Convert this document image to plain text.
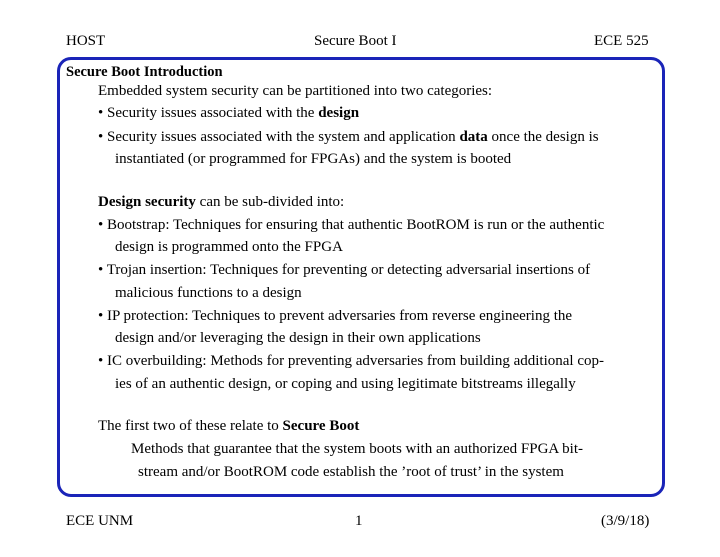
HOST	Secure Boot I	ECE 525
Secure Boot Introduction
Embedded system security can be partitioned into two categories:
• Security issues associated with the design
• Security issues associated with the system and application data once the design is
instantiated (or programmed for FPGAs) and the system is booted
Design security can be sub-divided into:
• Bootstrap: Techniques for ensuring that authentic BootROM is run or the authentic
design is programmed onto the FPGA
• Trojan insertion: Techniques for preventing or detecting adversarial insertions of
malicious functions to a design
• IP protection: Techniques to prevent adversaries from reverse engineering the
design and/or leveraging the design in their own applications
• IC overbuilding: Methods for preventing adversaries from building additional cop-
ies of an authentic design, or coping and using legitimate bitstreams illegally
The first two of these relate to Secure Boot
Methods that guarantee that the system boots with an authorized FPGA bit-
stream and/or BootROM code establish the ’root of trust’ in the system
ECE UNM	1	(3/9/18)
